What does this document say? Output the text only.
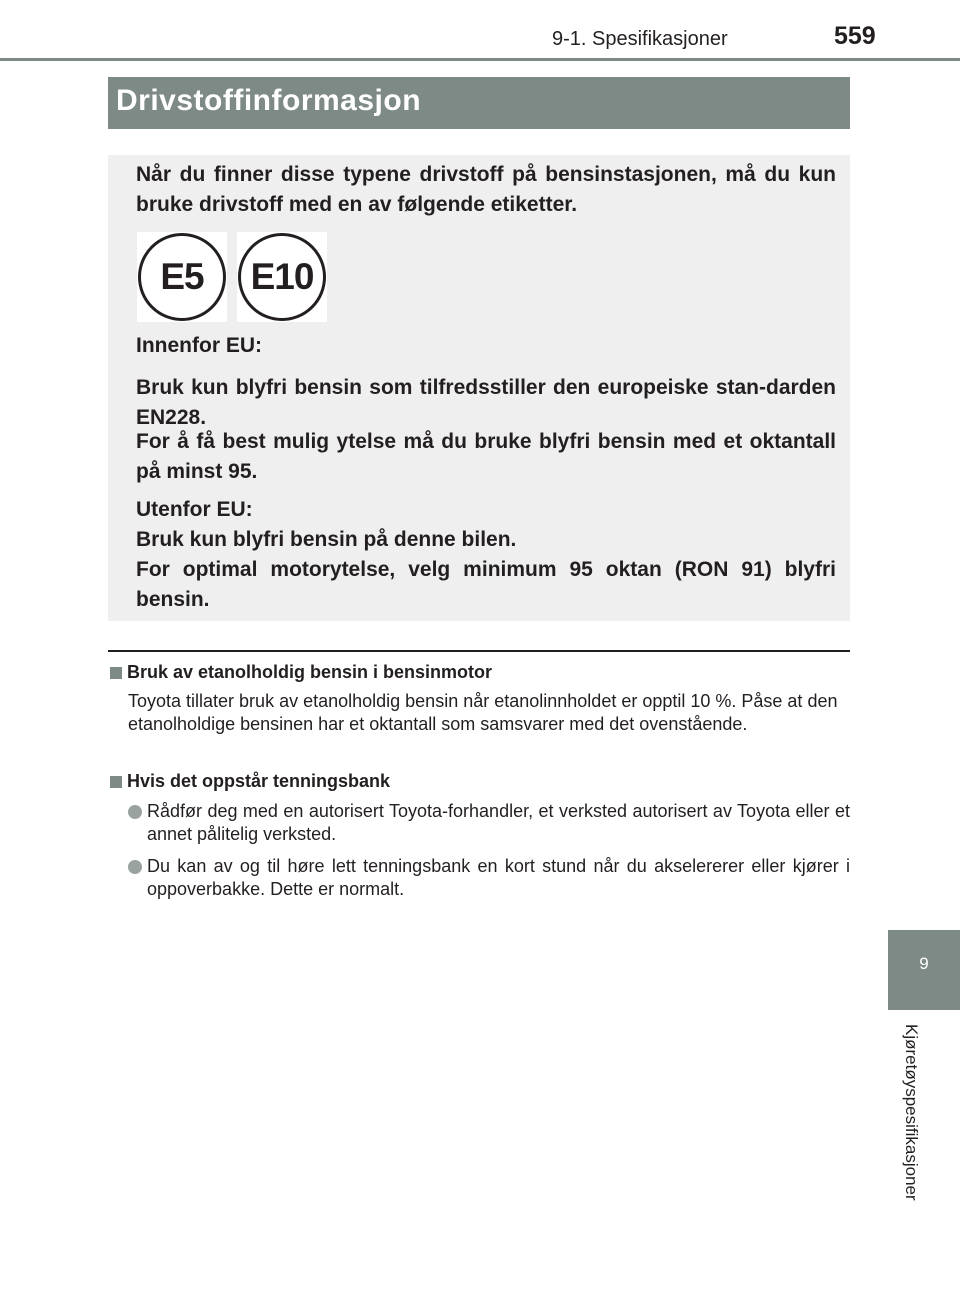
9-1. Spesifikasjoner	559
Drivstoffinformasjon

Når du finner disse typene drivstoff på bensinstasjonen, må du kun bruke drivstoff med en av følgende etiketter.

E5	E10

Innenfor EU:

Bruk kun blyfri bensin som tilfredsstiller den europeiske stan-darden EN228.

For å få best mulig ytelse må du bruke blyfri bensin med et oktantall på minst 95.

Utenfor EU:

Bruk kun blyfri bensin på denne bilen.

For optimal motorytelse, velg minimum 95 oktan (RON 91) blyfri bensin.

Bruk av etanolholdig bensin i bensinmotor

Toyota tillater bruk av etanolholdig bensin når etanolinnholdet er opptil 10 %. Påse at den etanolholdige bensinen har et oktantall som samsvarer med det ovenstående.

Hvis det oppstår tenningsbank

Rådfør deg med en autorisert Toyota-forhandler, et verksted autorisert av Toyota eller et annet pålitelig verksted.

Du kan av og til høre lett tenningsbank en kort stund når du akselererer eller kjører i oppoverbakke. Dette er normalt.

9
Kjøretøyspesifikasjoner
